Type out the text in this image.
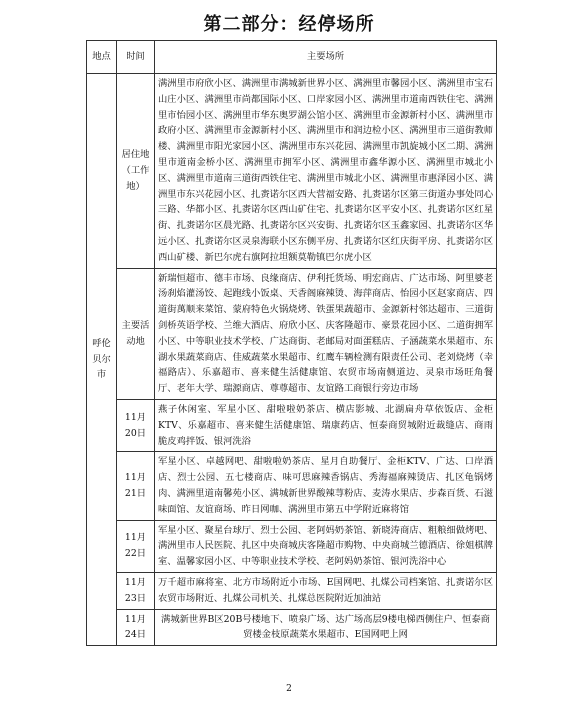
第二部分：经停场所
地点	时间	主要场所
呼伦贝尔市	居住地（工作地）	满洲里市府欣小区、满洲里市满城新世界小区、满洲里市馨园小区、满洲里市宝石山庄小区、满洲里市尚都国际小区、口岸家园小区、满洲里市道南西铁住宅、满洲里市怡园小区、满洲里市华东奥罗湖公馆小区、满洲里市金源新村小区、满洲里市政府小区、满洲里市金源新村小区、满洲里市和润边检小区、满洲里市三道街教师楼、满洲里市阳光家园小区、满洲里市东兴花园、满洲里市凯旋城小区二期、满洲里市道南金桥小区、满洲里市拥军小区、满洲里市鑫华源小区、满洲里市城北小区、满洲里市道南三道街西铁住宅、满洲里市城北小区、满洲里市惠泽园小区、满洲里市东兴花园小区、扎赉诺尔区西大营福安路、扎赉诺尔区第三街道办事处同心三路、华都小区、扎赉诺尔区西山矿住宅、扎赉诺尔区平安小区、扎赉诺尔区红星街、扎赉诺尔区晨光路、扎赉诺尔区兴安街、扎赉诺尔区玉鑫家园、扎赉诺尔区华远小区、扎赉诺尔区灵泉海联小区东侧平房、扎赉诺尔区红庆街平房、扎赉诺尔区西山矿楼、新巴尔虎右旗阿拉坦额莫勒镇巴尔虎小区
	主要活动地	新瑞恒超市、德丰市场、良缘商店、伊利托货场、明宏商店、广达市场、阿里婆老汤刹焰灌汤饺、起跑线小饭桌、天香阁麻辣烫、海萍商店、怡园小区赵家商店、四道街萬顺来菜馆、蒙府特色火锅烧烤、铁蛋果蔬超市、金源新村邻达超市、三道街剑桥英语学校、兰维大酒店、府欣小区、庆客隆超市、豪景花园小区、二道街拥军小区、中等职业技术学校、广达商街、老邮局对面蛋糕店、子涵蔬菜水果超市、东湖水果蔬菜商店、佳威蔬菜水果超市、红鹰车辆检测有限责任公司、老刘烧烤（幸福路店）、乐嘉超市、喜来健生活健康馆、农贸市场南侧道边、灵泉市场旺角餐厅、老年大学、瑞源商店、尊尊超市、友谊路工商银行旁边市场
	11月20日	燕子休闲室、军星小区、甜啦啦奶茶店、横店影城、北湖扁舟草依饭店、金柜KTV、乐嘉超市、喜来健生活健康馆、瑞康药店、恒泰商贸城附近裁缝店、商雨脆皮鸡拌饭、银河洗浴
	11月21日	军星小区、卓越网吧、甜啦啦奶茶店、星月自助餐厅、金柜KTV、广达、口岸酒店、烈士公园、五七楼商店、味可思麻辣香锅店、秀海福麻辣烫店、扎区龟锅烤肉、满洲里道南馨苑小区、满城新世界酸辣荨粉店、麦涛水果店、步森百货、石滋味面馆、友谊商场、昨日网咖、满洲里市第五中学附近麻将馆
	11月22日	军星小区、聚星台球厅、烈士公园、老阿妈奶茶馆、新晓涛商店、粗粮细做烤吧、满洲里市人民医院、扎区中央商城庆客隆超市购物、中央商城兰德酒店、徐姐棋牌室、温馨家园小区、中等职业技术学校、老阿妈奶茶馆、银河洗浴中心
	11月23日	万千超市麻将室、北方市场附近小市场、E国网吧、扎煤公司档案馆、扎赉诺尔区农贸市场附近、扎煤公司机关、扎煤总医院附近加油站
	11月24日	满城新世界B区20B号楼地下、喷泉广场、达广场高层9楼电梯西侧住户、恒泰商贸楼金枝原蔬菜水果超市、E国网吧上网
2
